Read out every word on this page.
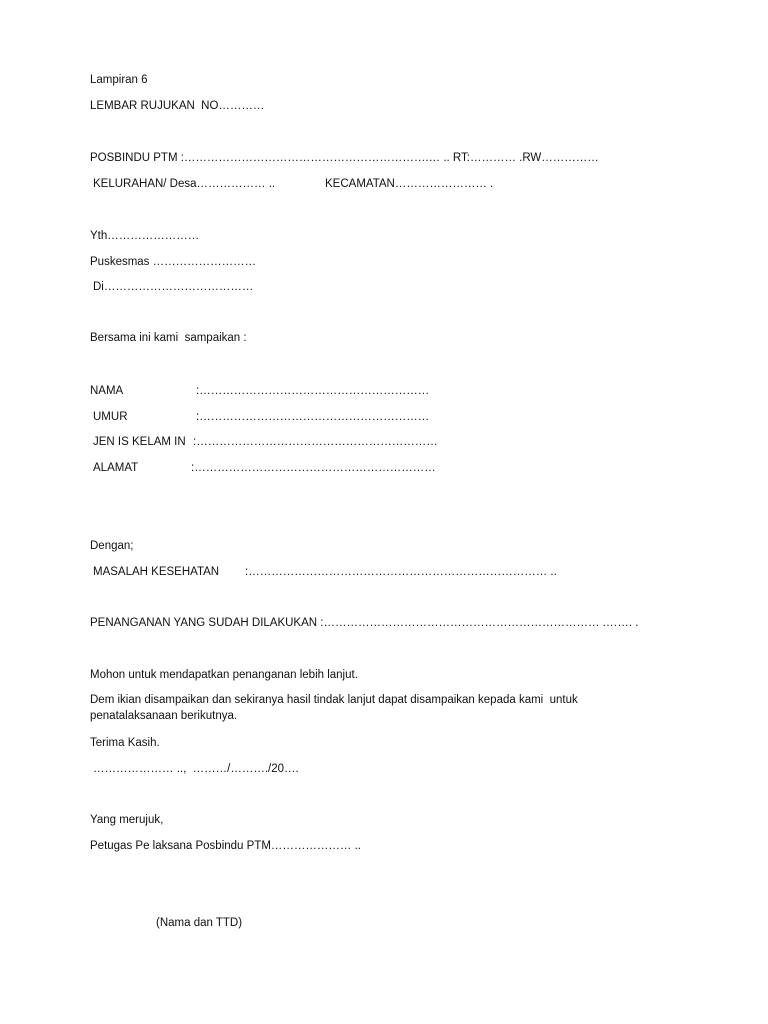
Lampiran 6
LEMBAR RUJUKAN  NO…………
POSBINDU PTM :……………………………………………………….… .. RT:………… .RW……………
KELURAHAN/ Desa……………… ..	KECAMATAN…………………… .
Yth……………………
Puskesmas ………………………
Di…………………………………
Bersama ini kami  sampaikan :
NAMA	:……………………………………………………
UMUR	:……………………………………………………
JEN IS KELAM IN :………………………………………………………
ALAMAT	:………………………………………………………
Dengan;
MASALAH KESEHATAN :…………………………………………………………………… ..
PENANGANAN YANG SUDAH DILAKUKAN :……………………………………………………………… .……. .
Mohon untuk mendapatkan penanganan lebih lanjut.
Dem ikian disampaikan dan sekiranya hasil tindak lanjut dapat disampaikan kepada kami  untuk
penatalaksanaan berikutnya.
Terima Kasih.
………………… ..,  ………/………./20….
Yang merujuk,
Petugas Pe laksana Posbindu PTM………………… ..
(Nama dan TTD)
